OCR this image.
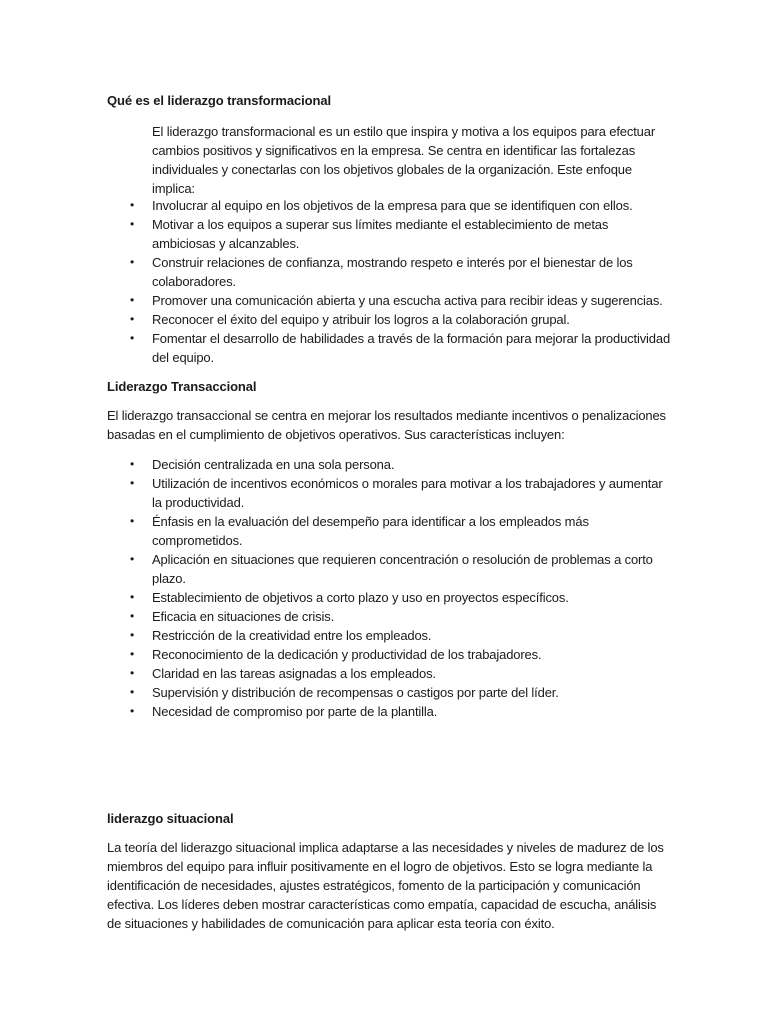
Qué es el liderazgo transformacional

El liderazgo transformacional es un estilo que inspira y motiva a los equipos para efectuar cambios positivos y significativos en la empresa. Se centra en identificar las fortalezas individuales y conectarlas con los objetivos globales de la organización. Este enfoque implica:

• Involucrar al equipo en los objetivos de la empresa para que se identifiquen con ellos.
• Motivar a los equipos a superar sus límites mediante el establecimiento de metas ambiciosas y alcanzables.
• Construir relaciones de confianza, mostrando respeto e interés por el bienestar de los colaboradores.
• Promover una comunicación abierta y una escucha activa para recibir ideas y sugerencias.
• Reconocer el éxito del equipo y atribuir los logros a la colaboración grupal.
• Fomentar el desarrollo de habilidades a través de la formación para mejorar la productividad del equipo.
Liderazgo Transaccional

El liderazgo transaccional se centra en mejorar los resultados mediante incentivos o penalizaciones basadas en el cumplimiento de objetivos operativos. Sus características incluyen:

• Decisión centralizada en una sola persona.
• Utilización de incentivos económicos o morales para motivar a los trabajadores y aumentar la productividad.
• Énfasis en la evaluación del desempeño para identificar a los empleados más comprometidos.
• Aplicación en situaciones que requieren concentración o resolución de problemas a corto plazo.
• Establecimiento de objetivos a corto plazo y uso en proyectos específicos.
• Eficacia en situaciones de crisis.
• Restricción de la creatividad entre los empleados.
• Reconocimiento de la dedicación y productividad de los trabajadores.
• Claridad en las tareas asignadas a los empleados.
• Supervisión y distribución de recompensas o castigos por parte del líder.
• Necesidad de compromiso por parte de la plantilla.
liderazgo situacional

La teoría del liderazgo situacional implica adaptarse a las necesidades y niveles de madurez de los miembros del equipo para influir positivamente en el logro de objetivos. Esto se logra mediante la identificación de necesidades, ajustes estratégicos, fomento de la participación y comunicación efectiva. Los líderes deben mostrar características como empatía, capacidad de escucha, análisis de situaciones y habilidades de comunicación para aplicar esta teoría con éxito.
